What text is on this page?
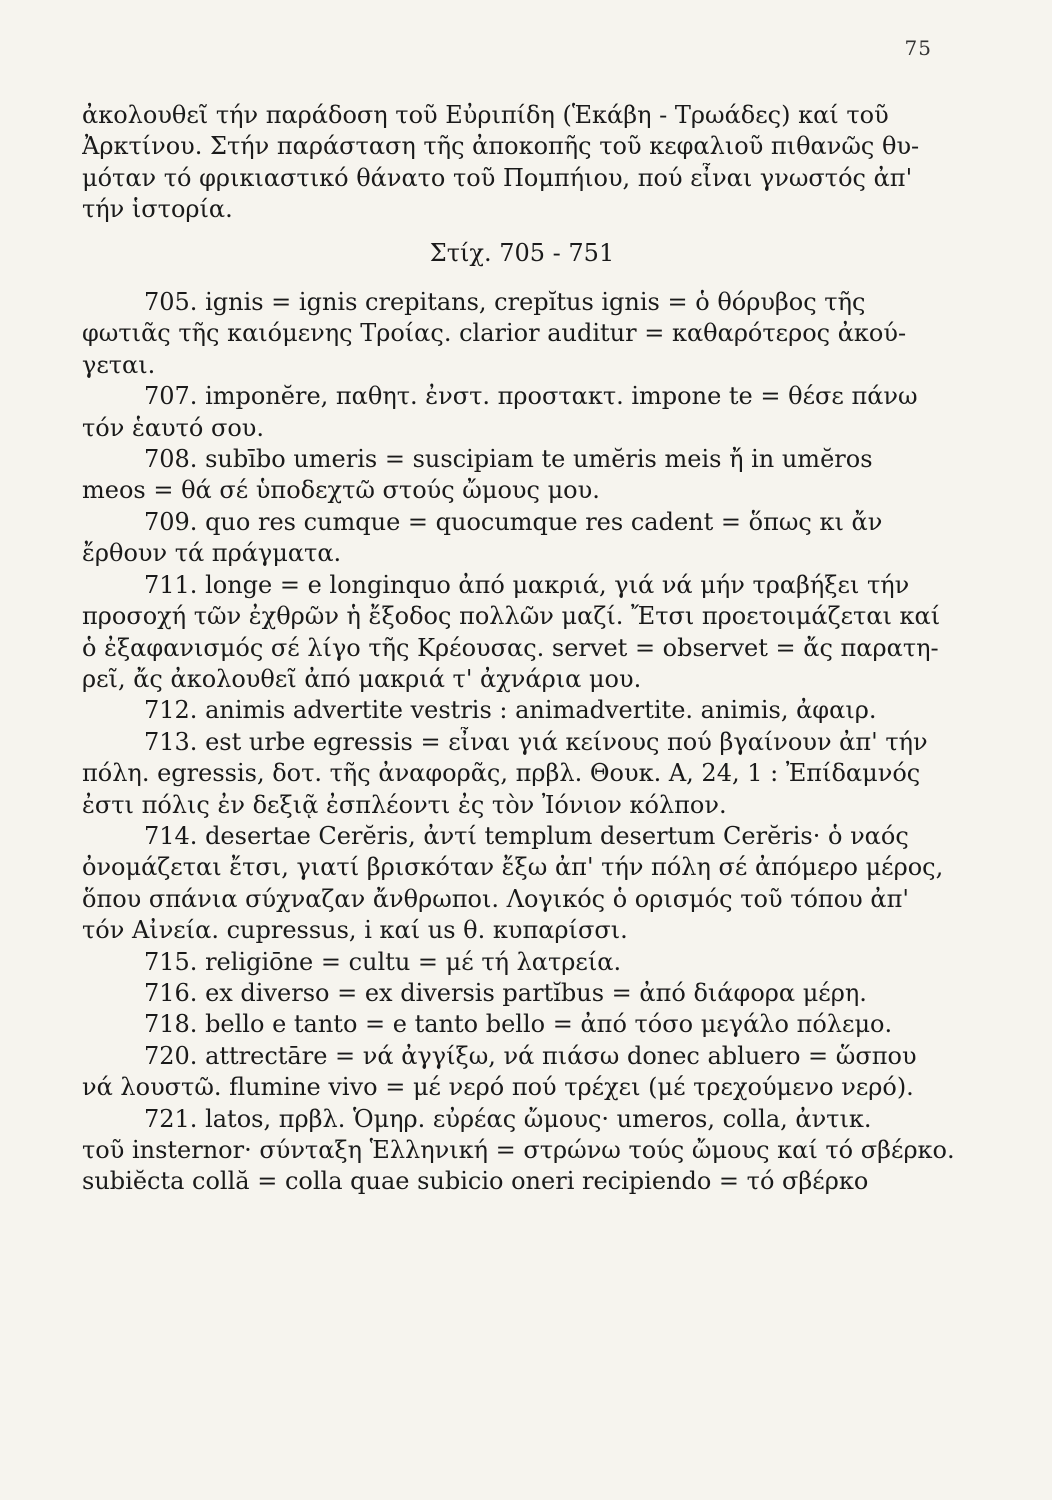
75
ἀκολουθεῖ τήν παράδοση τοῦ Εὐριπίδη (Ἑκάβη - Τρωάδες) καί τοῦ
Ἀρκτίνου. Στήν παράσταση τῆς ἀποκοπῆς τοῦ κεφαλιοῦ πιθανῶς θυ-
μόταν τό φρικιαστικό θάνατο τοῦ Πομπήιου, πού εἶναι γνωστός ἀπ'
τήν ἱστορία.
Στίχ. 705 - 751
705. ignis = ignis crepitans, crepĭtus ignis = ὁ θόρυβος τῆς
φωτιᾶς τῆς καιόμενης Τροίας. clarior auditur = καθαρότερος ἀκού-
γεται.
707. imponĕre, παθητ. ἐνστ. προστακτ. impone te = θέσε πάνω
τόν ἑαυτό σου.
708. subībo umeris = suscipiam te umĕris meis ἤ in umĕros
meos = θά σέ ὑποδεχτῶ στούς ὤμους μου.
709. quo res cumque = quocumque res cadent = ὅπως κι ἄν
ἔρθουν τά πράγματα.
711. longe = e longinquo ἀπό μακριά, γιά νά μήν τραβήξει τήν
προσοχή τῶν ἐχθρῶν ἡ ἔξοδος πολλῶν μαζί. Ἔτσι προετοιμάζεται καί
ὁ ἐξαφανισμός σέ λίγο τῆς Κρέουσας. servet = observet = ἄς παρατη-
ρεῖ, ἄς ἀκολουθεῖ ἀπό μακριά τ' ἀχνάρια μου.
712. animis advertite vestris : animadvertite. animis, ἀφαιρ.
713. est urbe egressis = εἶναι γιά κείνους πού βγαίνουν ἀπ' τήν
πόλη. egressis, δοτ. τῆς ἀναφορᾶς, πρβλ. Θουκ. Α, 24, 1 : Ἐπίδαμνός
ἐστι πόλις ἐν δεξιᾷ ἐσπλέοντι ἐς τὸν Ἰόνιον κόλπον.
714. desertae Cerĕris, ἀντί templum desertum Cerĕris· ὁ ναός
ὀνομάζεται ἔτσι, γιατί βρισκόταν ἔξω ἀπ' τήν πόλη σέ ἀπόμερο μέρος,
ὅπου σπάνια σύχναζαν ἄνθρωποι. Λογικός ὁ ορισμός τοῦ τόπου ἀπ'
τόν Αἰνεία. cupressus, i καί us θ. κυπαρίσσι.
715. religiōne = cultu = μέ τή λατρεία.
716. ex diverso = ex diversis partĭbus = ἀπό διάφορα μέρη.
718. bello e tanto = e tanto bello = ἀπό τόσο μεγάλο πόλεμο.
720. attrectāre = νά ἀγγίξω, νά πιάσω donec abluero = ὥσπου
νά λουστῶ. flumine vivo = μέ νερό πού τρέχει (μέ τρεχούμενο νερό).
721. latos, πρβλ. Ὁμηρ. εὐρέας ὤμους· umeros, colla, ἀντικ.
τοῦ insternor· σύνταξη Ἑλληνική = στρώνω τούς ὤμους καί τό σβέρκο.
subiĕcta collă = colla quae subicio oneri recipiendo = τό σβέρκο
